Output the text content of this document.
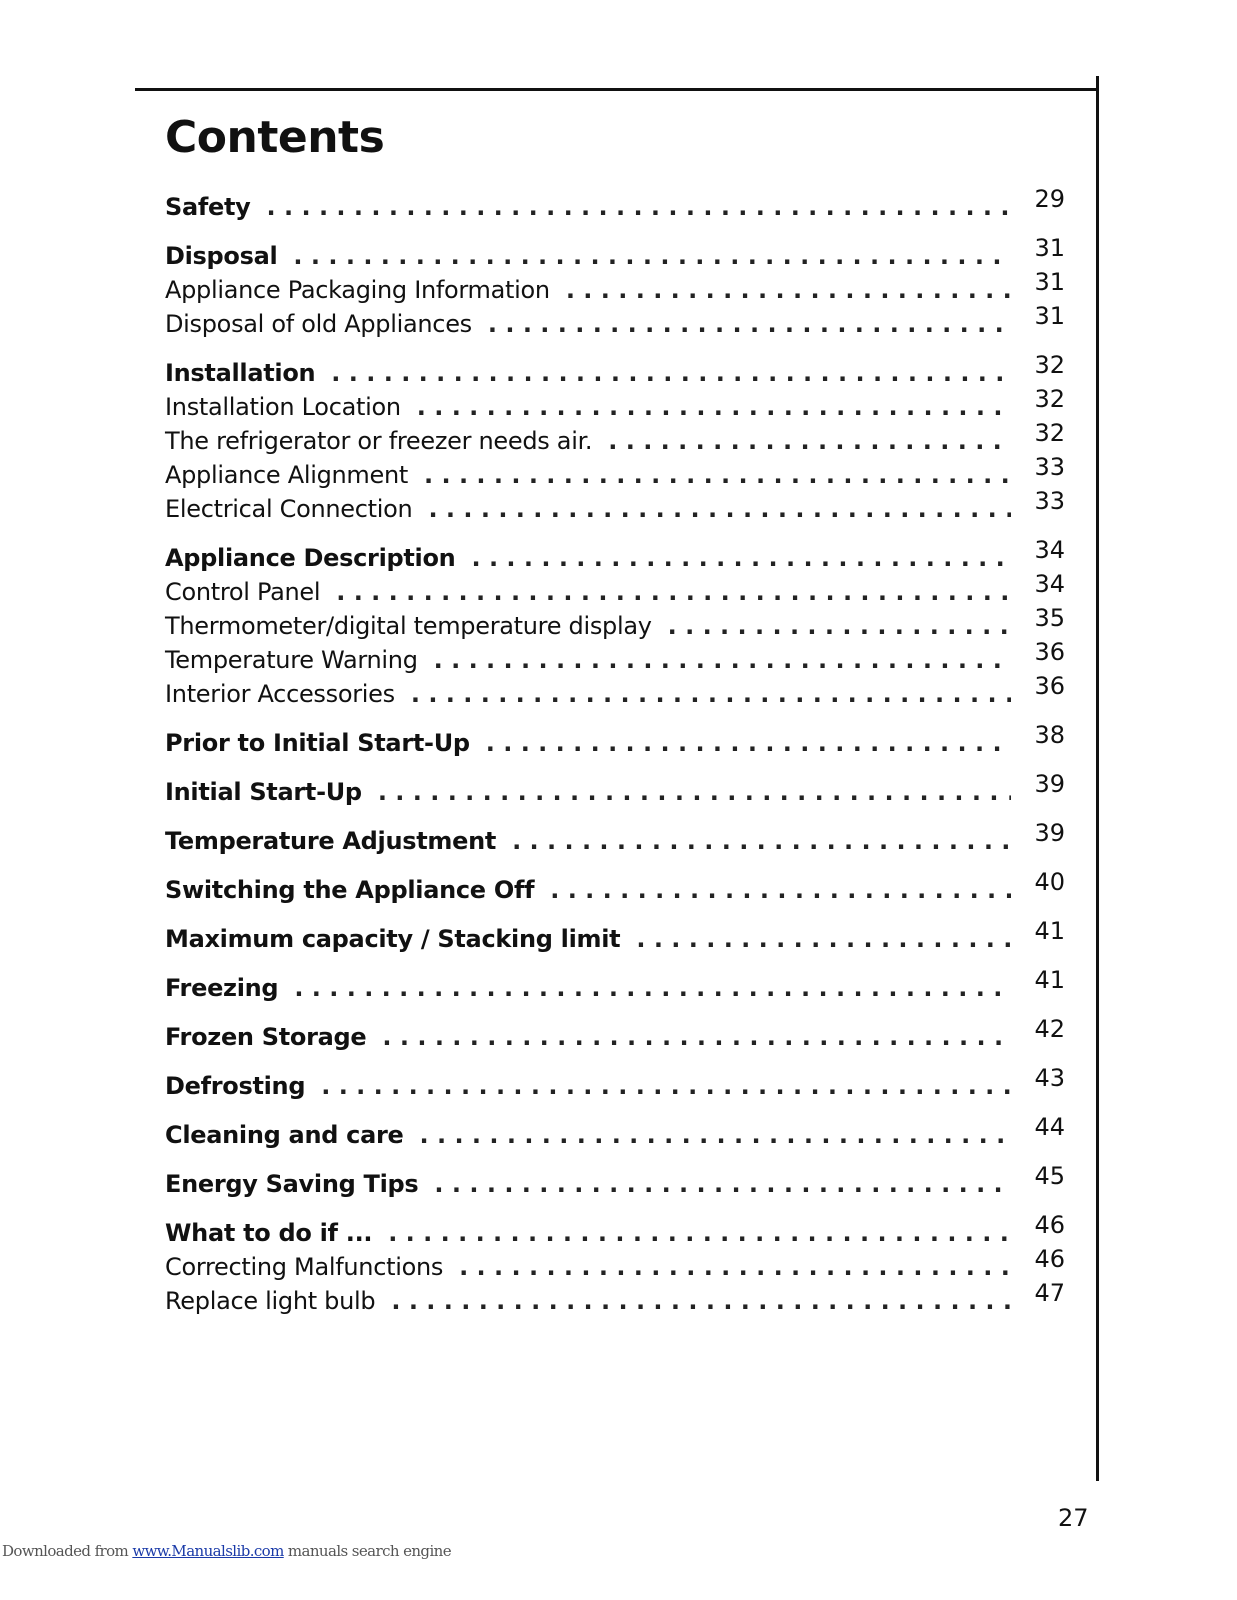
Contents
Safety . . .	29
Disposal . . .	31
Appliance Packaging Information . . .	31
Disposal of old Appliances . . .	31
Installation . . .	32
Installation Location . . .	32
The refrigerator or freezer needs air. . . .	32
Appliance Alignment . . .	33
Electrical Connection . . .	33
Appliance Description . . .	34
Control Panel . . .	34
Thermometer/digital temperature display . . .	35
Temperature Warning . . .	36
Interior Accessories . . .	36
Prior to Initial Start-Up . . .	38
Initial Start-Up . . .	39
Temperature Adjustment . . .	39
Switching the Appliance Off . . .	40
Maximum capacity / Stacking limit . . .	41
Freezing . . .	41
Frozen Storage . . .	42
Defrosting . . .	43
Cleaning and care . . .	44
Energy Saving Tips . . .	45
What to do if ... . . .	46
Correcting Malfunctions . . .	46
Replace light bulb . . .	47
27
Downloaded from www.Manualslib.com manuals search engine
